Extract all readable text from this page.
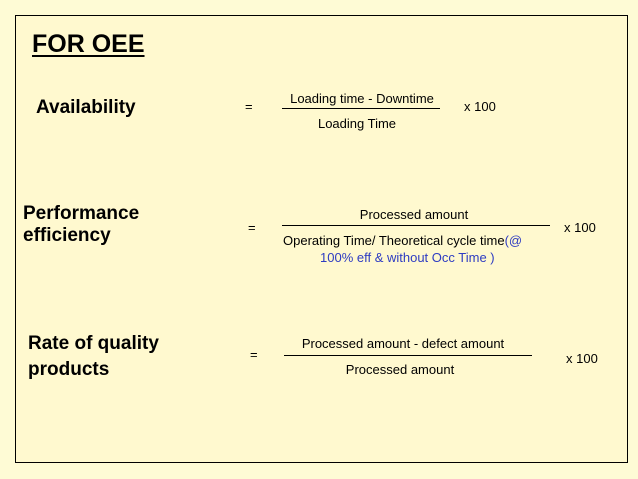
FOR OEE
Availability	=
Loading time - Downtime
Loading Time
x 100
Performance
efficiency	=
Processed amount
Operating Time/ Theoretical cycle time(@
100% eff & without Occ Time )
x 100
Rate of quality
products
=
Processed amount - defect amount
Processed amount
x 100
